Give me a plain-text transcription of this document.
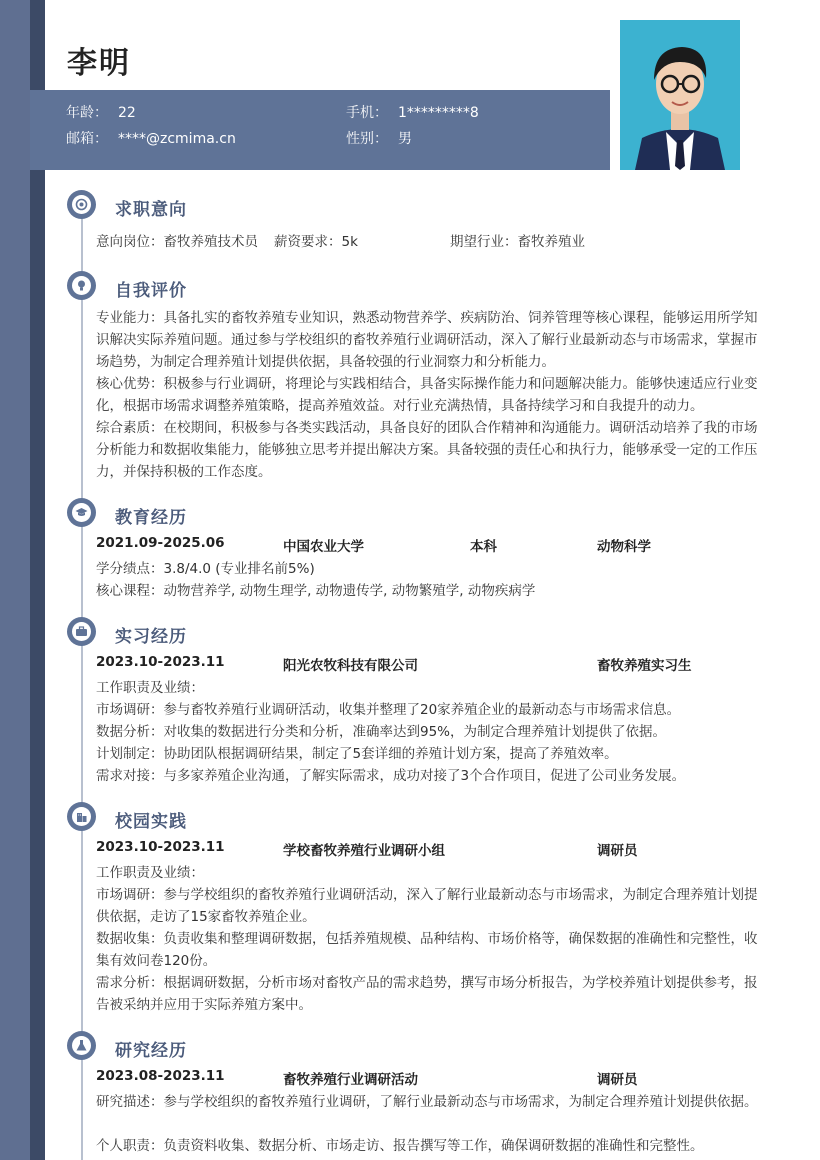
李明
年龄： 22	手机： 1*********8
邮箱： ****@zcmima.cn	性别： 男
求职意向
意向岗位：畜牧养殖技术员 薪资要求：5k	期望行业：畜牧养殖业
自我评价
专业能力：具备扎实的畜牧养殖专业知识，熟悉动物营养学、疾病防治、饲养管理等核心课程，能够运用所学知识解决实际养殖问题。通过参与学校组织的畜牧养殖行业调研活动，深入了解行业最新动态与市场需求，掌握市场趋势，为制定合理养殖计划提供依据，具备较强的行业洞察力和分析能力。
核心优势：积极参与行业调研，将理论与实践相结合，具备实际操作能力和问题解决能力。能够快速适应行业变化，根据市场需求调整养殖策略，提高养殖效益。对行业充满热情，具备持续学习和自我提升的动力。
综合素质：在校期间，积极参与各类实践活动，具备良好的团队合作精神和沟通能力。调研活动培养了我的市场分析能力和数据收集能力，能够独立思考并提出解决方案。具备较强的责任心和执行力，能够承受一定的工作压力，并保持积极的工作态度。
教育经历
2021.09-2025.06	中国农业大学	本科	动物科学
学分绩点：3.8/4.0 (专业排名前5%)
核心课程：动物营养学, 动物生理学, 动物遗传学, 动物繁殖学, 动物疾病学
实习经历
2023.10-2023.11	阳光农牧科技有限公司	畜牧养殖实习生
工作职责及业绩：
市场调研：参与畜牧养殖行业调研活动，收集并整理了20家养殖企业的最新动态与市场需求信息。
数据分析：对收集的数据进行分类和分析，准确率达到95%，为制定合理养殖计划提供了依据。
计划制定：协助团队根据调研结果，制定了5套详细的养殖计划方案，提高了养殖效率。
需求对接：与多家养殖企业沟通，了解实际需求，成功对接了3个合作项目，促进了公司业务发展。
校园实践
2023.10-2023.11	学校畜牧养殖行业调研小组	调研员
工作职责及业绩：
市场调研：参与学校组织的畜牧养殖行业调研活动，深入了解行业最新动态与市场需求，为制定合理养殖计划提供依据，走访了15家畜牧养殖企业。
数据收集：负责收集和整理调研数据，包括养殖规模、品种结构、市场价格等，确保数据的准确性和完整性，收集有效问卷120份。
需求分析：根据调研数据，分析市场对畜牧产品的需求趋势，撰写市场分析报告，为学校养殖计划提供参考，报告被采纳并应用于实际养殖方案中。
研究经历
2023.08-2023.11	畜牧养殖行业调研活动	调研员
研究描述：参与学校组织的畜牧养殖行业调研，了解行业最新动态与市场需求，为制定合理养殖计划提供依据。
个人职责：负责资料收集、数据分析、市场走访、报告撰写等工作，确保调研数据的准确性和完整性。
